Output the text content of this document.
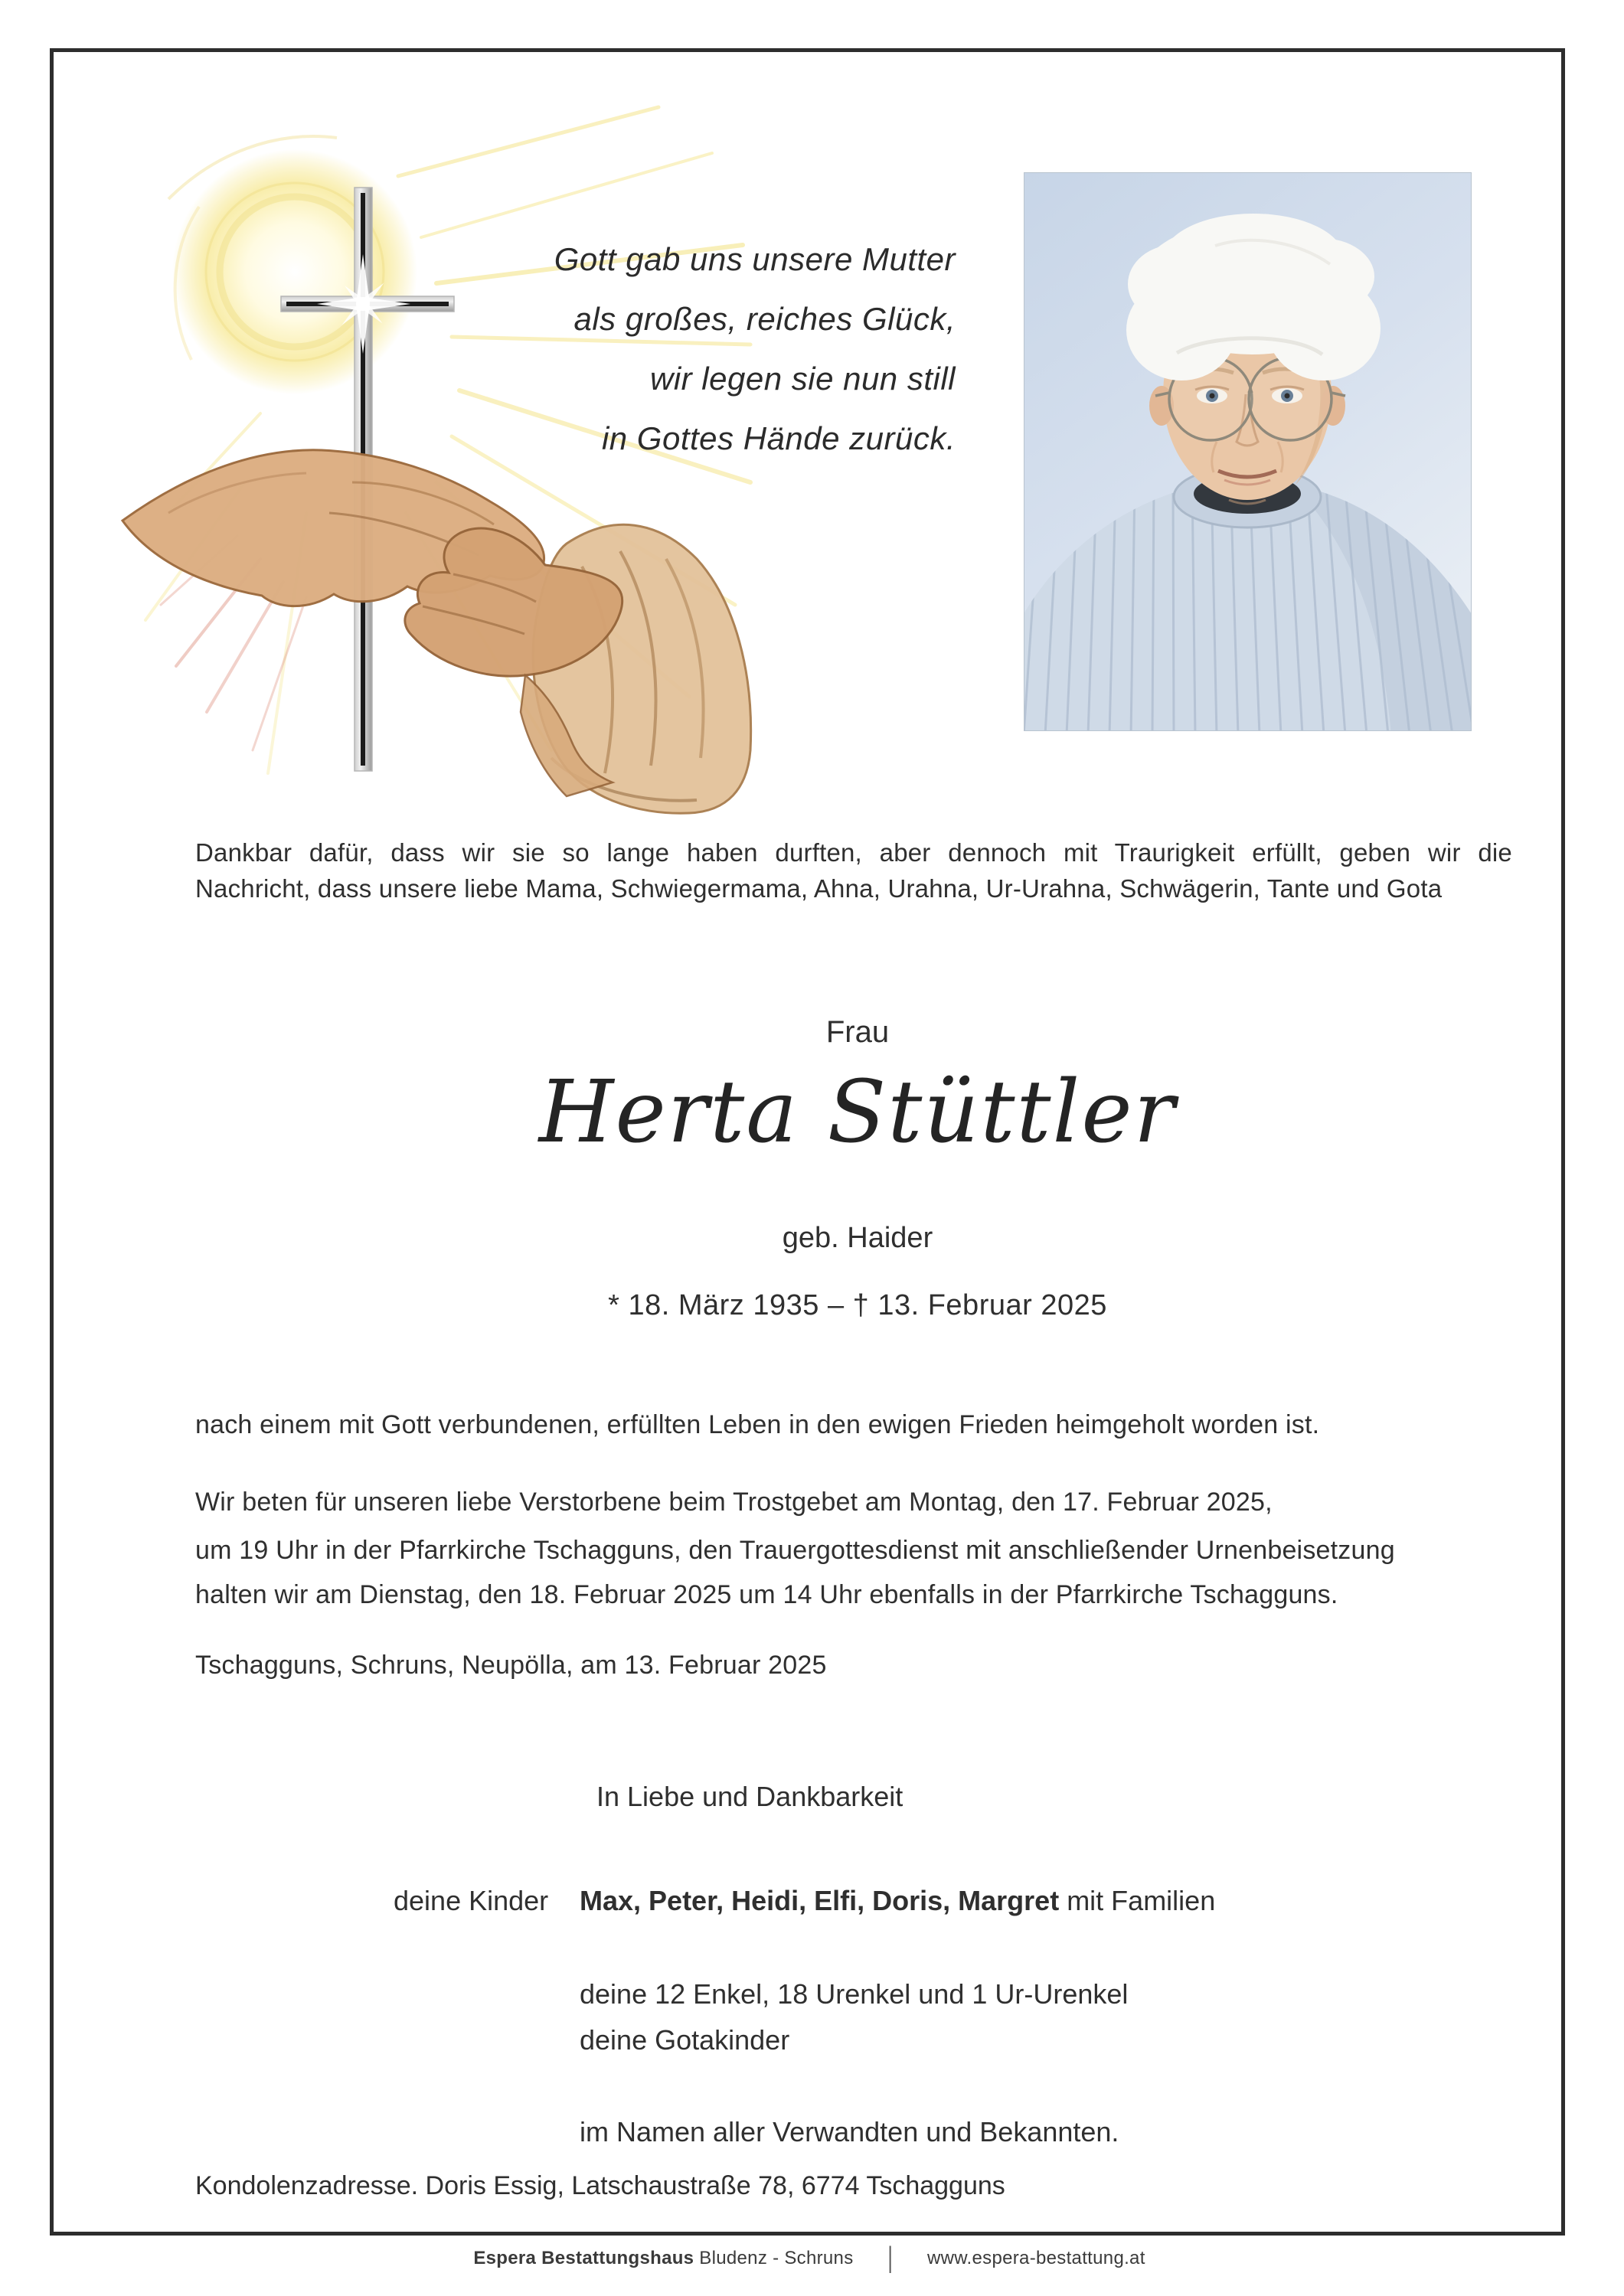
Gott gab uns unsere Mutter
als großes, reiches Glück,
wir legen sie nun still
in Gottes Hände zurück.
Dankbar dafür, dass wir sie so lange haben durften, aber dennoch mit Traurigkeit erfüllt, geben wir die
Nachricht, dass unsere liebe Mama, Schwiegermama, Ahna, Urahna, Ur-Urahna, Schwägerin, Tante und Gota
Frau
Herta Stüttler
geb. Haider
* 18. März 1935 – † 13. Februar 2025
nach einem mit Gott verbundenen, erfüllten Leben in den ewigen Frieden heimgeholt worden ist.
Wir beten für unseren liebe Verstorbene beim Trostgebet am Montag, den 17. Februar 2025,
um 19 Uhr in der Pfarrkirche Tschagguns, den Trauergottesdienst mit anschließender Urnenbeisetzung
halten wir am Dienstag, den 18. Februar 2025 um 14 Uhr ebenfalls in der Pfarrkirche Tschagguns.
Tschagguns, Schruns, Neupölla, am 13. Februar 2025
In Liebe und Dankbarkeit
deine Kinder Max, Peter, Heidi, Elfi, Doris, Margret mit Familien
deine 12 Enkel, 18 Urenkel und 1 Ur-Urenkel
deine Gotakinder
im Namen aller Verwandten und Bekannten.
Kondolenzadresse. Doris Essig, Latschaustraße 78, 6774 Tschagguns
Espera Bestattungshaus Bludenz - Schruns | www.espera-bestattung.at
